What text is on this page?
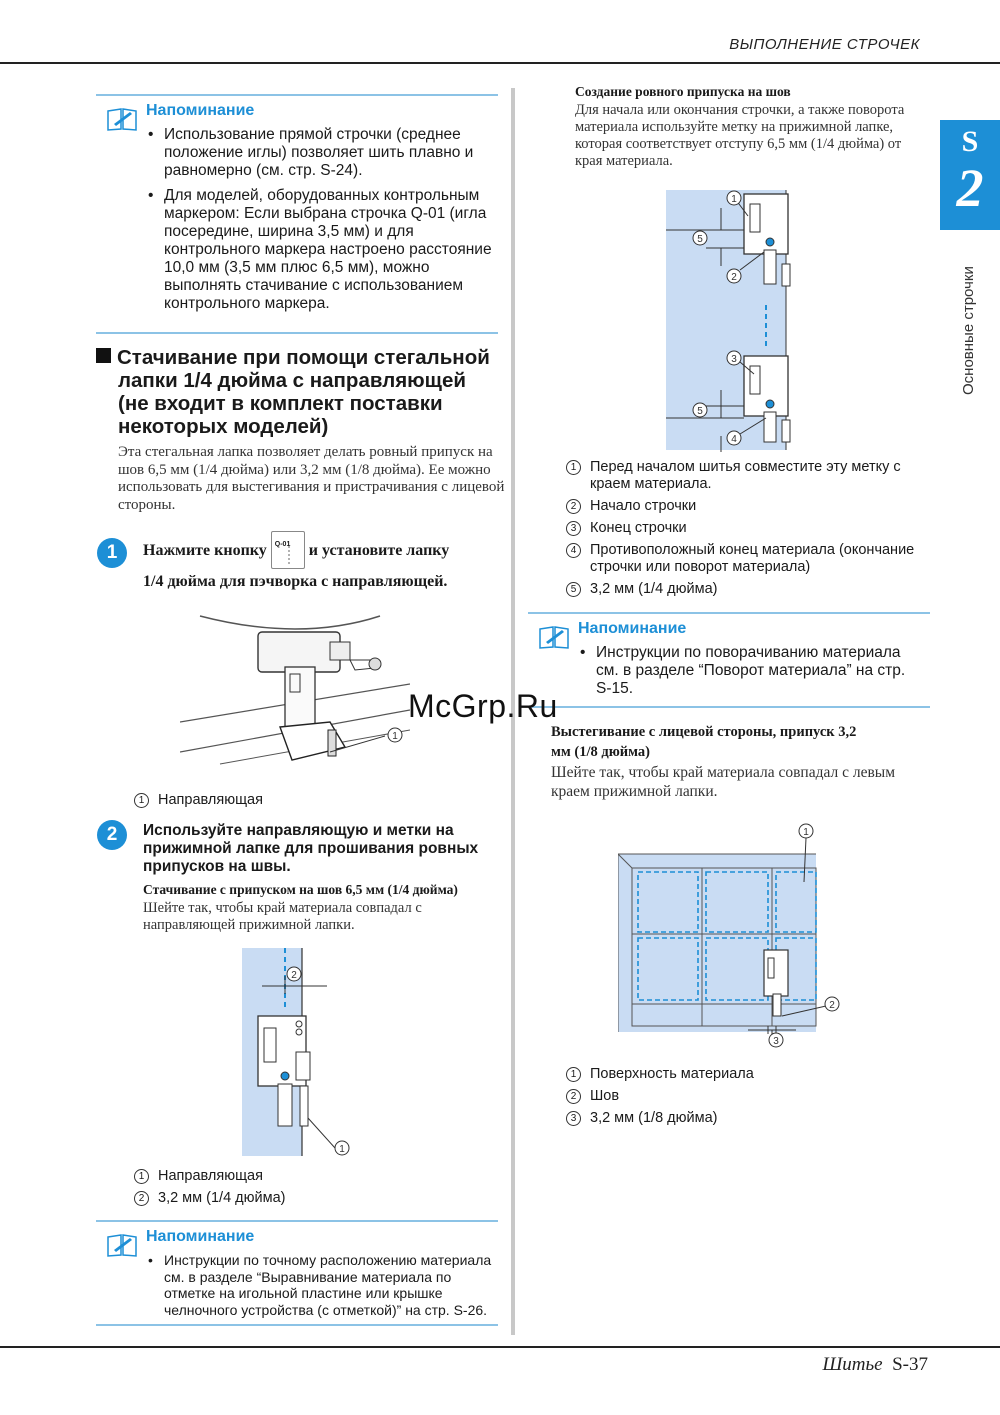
ВЫПОЛНЕНИЕ СТРОЧЕК
S
2
Основные строчки
Напоминание
• Использование прямой строчки (среднее положение иглы) позволяет шить плавно и равномерно (см. стр. S-24).
• Для моделей, оборудованных контрольным маркером: Если выбрана строчка Q-01 (игла посередине, ширина 3,5 мм) и для контрольного маркера настроено расстояние 10,0 мм (3,5 мм плюс 6,5 мм), можно выполнять стачивание с использованием контрольного маркера.
Стачивание при помощи стегальной
лапки 1/4 дюйма с направляющей
(не входит в комплект поставки
некоторых моделей)
Эта стегальная лапка позволяет делать ровный припуск на шов 6,5 мм (1/4 дюйма) или 3,2 мм (1/8 дюйма). Ее можно использовать для выстегивания и пристрачивания с лицевой стороны.
1	Нажмите кнопку Q-01 и установите лапку
1/4 дюйма для пэчворка с направляющей.
1
1 Направляющая
2	Используйте направляющую и метки на прижимной лапке для прошивания ровных припусков на швы.
Стачивание с припуском на шов 6,5 мм (1/4 дюйма)
Шейте так, чтобы край материала совпадал с направляющей прижимной лапки.
2
1
1 Направляющая
2 3,2 мм (1/4 дюйма)
Напоминание
• Инструкции по точному расположению материала см. в разделе “Выравнивание материала по отметке на игольной пластине или крышке челночного устройства (с отметкой)” на стр. S-26.
Создание ровного припуска на шов
Для начала или окончания строчки, а также поворота материала используйте метку на прижимной лапке, которая соответствует отступу 6,5 мм (1/4 дюйма) от края материала.
5
5
1
2
3
4
1 Перед началом шитья совместите эту метку с краем материала.
2 Начало строчки
3 Конец строчки
4 Противоположный конец материала (окончание строчки или поворот материала)
5 3,2 мм (1/4 дюйма)
Напоминание
• Инструкции по поворачиванию материала см. в разделе “Поворот материала” на стр. S-15.
McGrp.Ru
Выстегивание с лицевой стороны, припуск 3,2
мм (1/8 дюйма)
Шейте так, чтобы край материала совпадал с левым краем прижимной лапки.
3
2
1
1 Поверхность материала
2 Шов
3 3,2 мм (1/8 дюйма)
Шитье S-37
